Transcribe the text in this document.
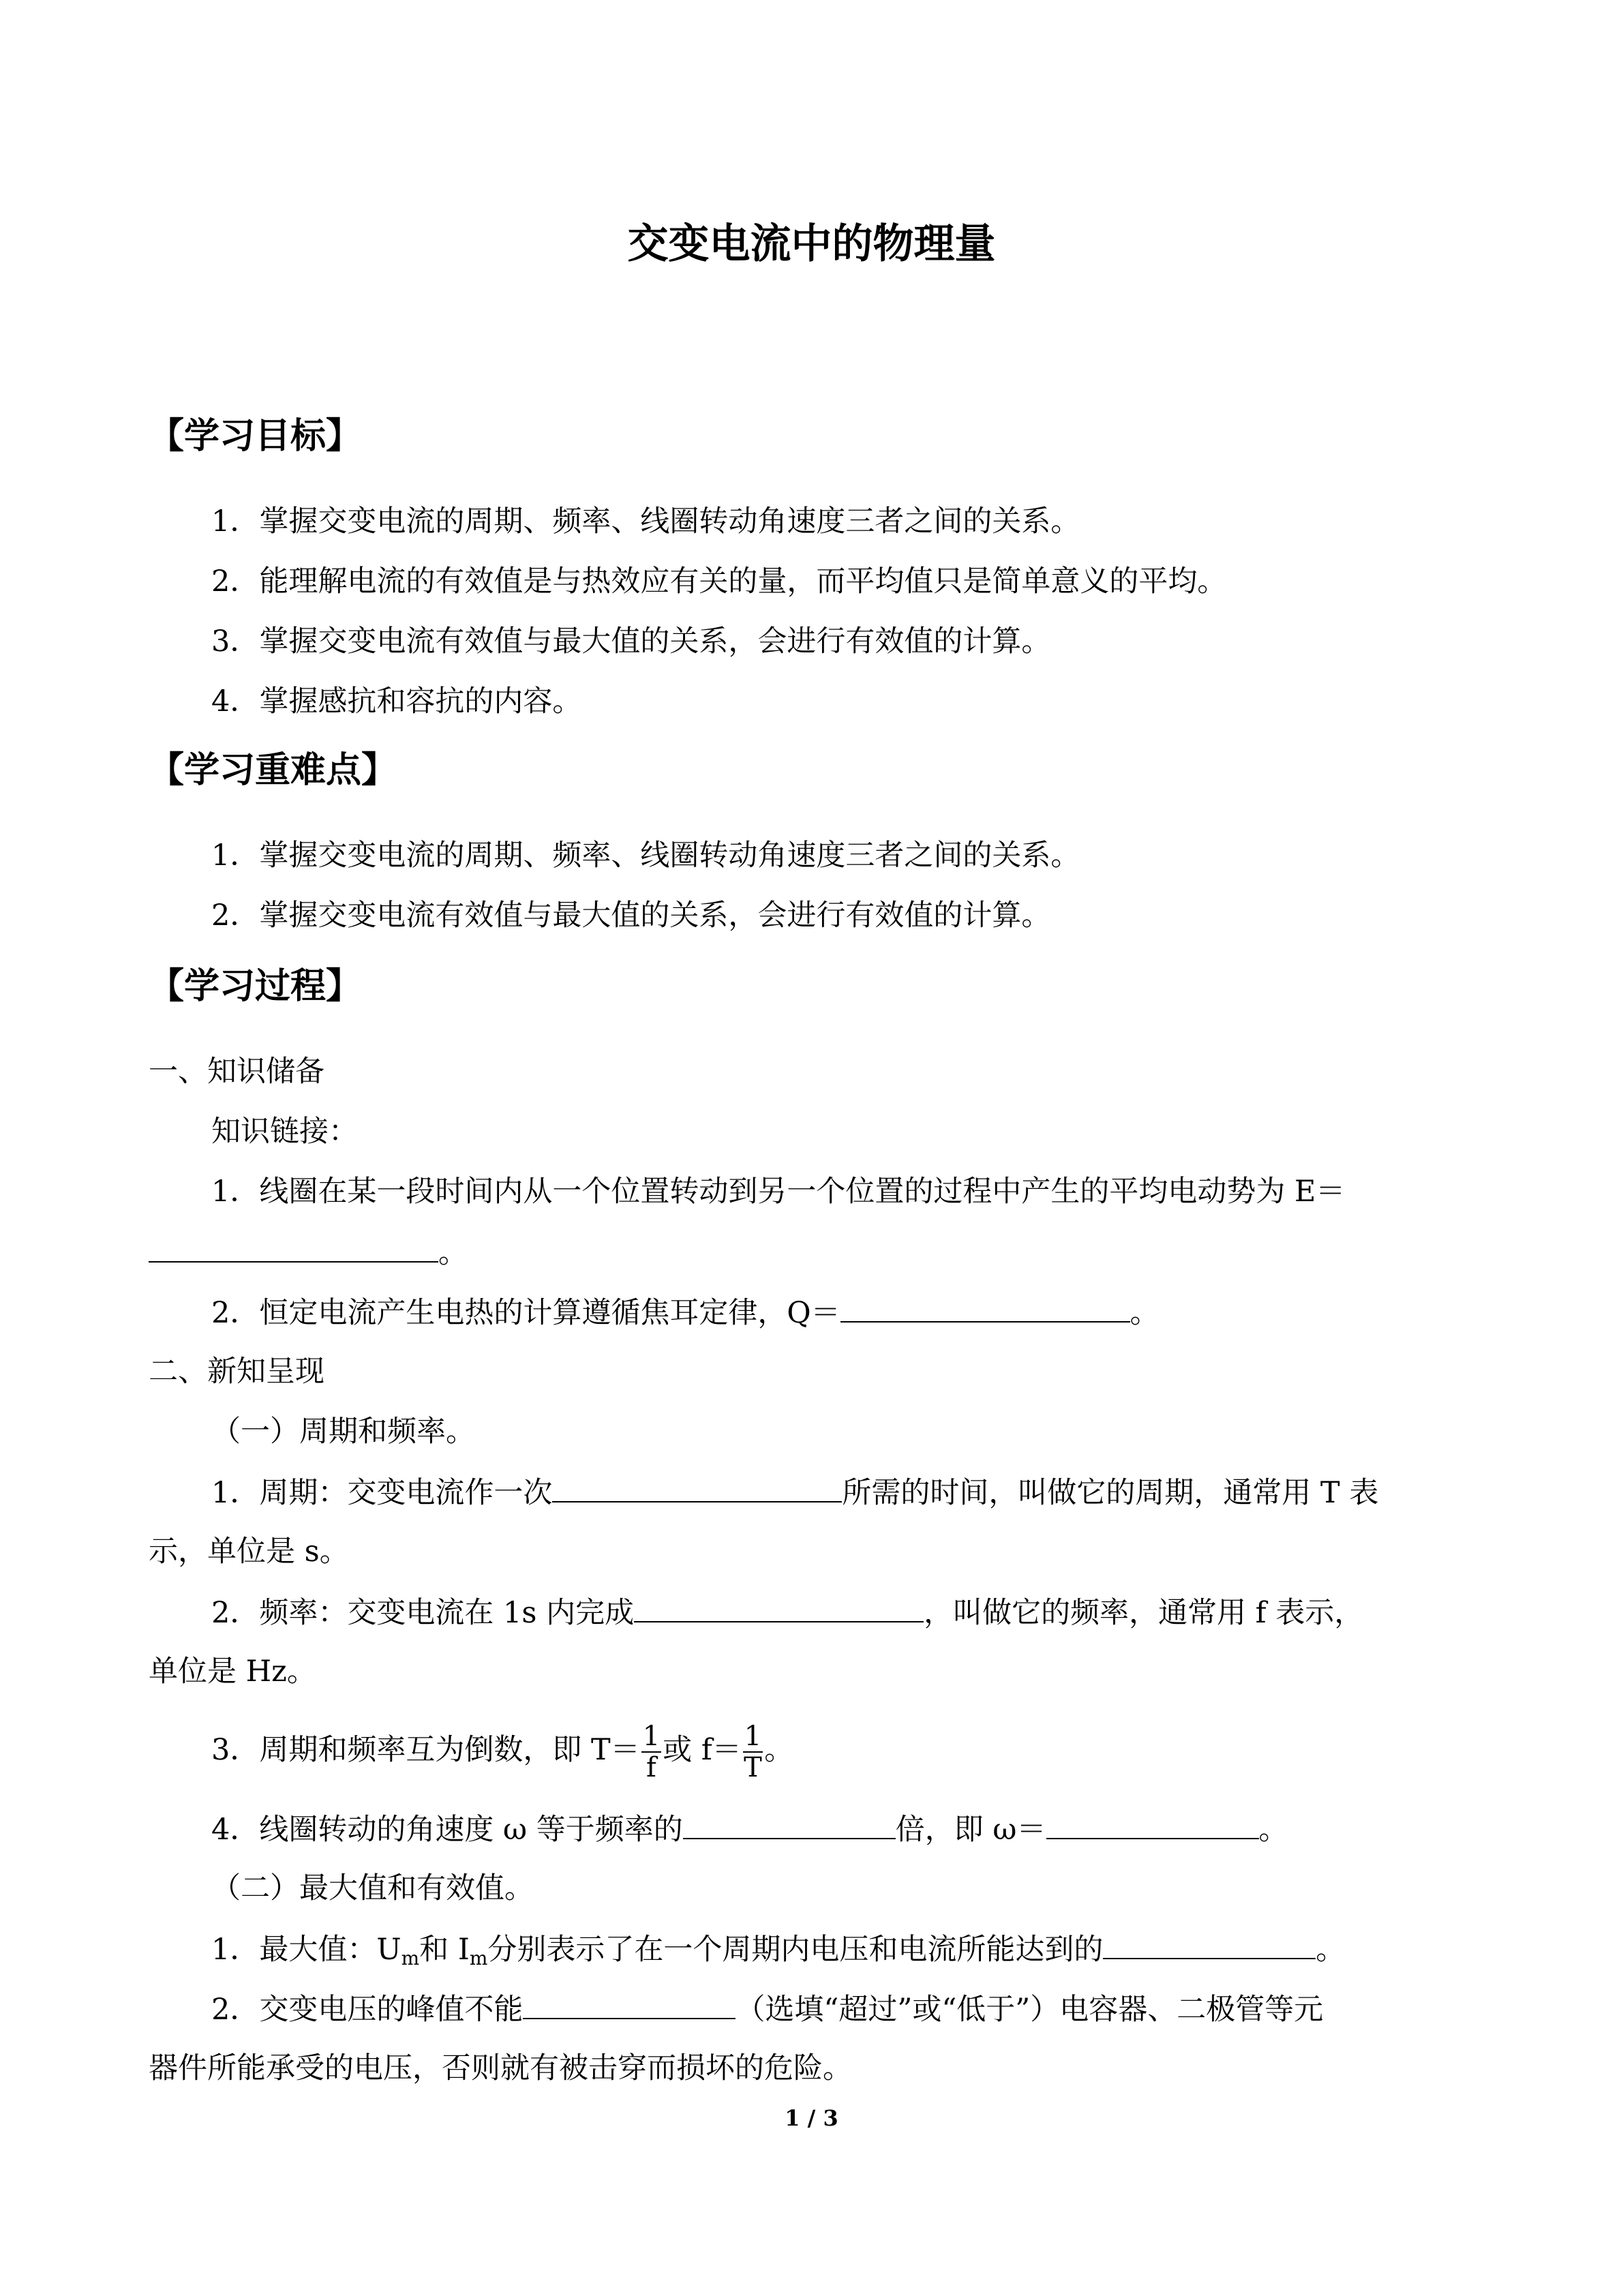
交变电流中的物理量
【学习目标】
1．掌握交变电流的周期、频率、线圈转动角速度三者之间的关系。
2．能理解电流的有效值是与热效应有关的量，而平均值只是简单意义的平均。
3．掌握交变电流有效值与最大值的关系，会进行有效值的计算。
4．掌握感抗和容抗的内容。
【学习重难点】
1．掌握交变电流的周期、频率、线圈转动角速度三者之间的关系。
2．掌握交变电流有效值与最大值的关系，会进行有效值的计算。
【学习过程】
一、知识储备
知识链接：
1．线圈在某一段时间内从一个位置转动到另一个位置的过程中产生的平均电动势为 E＝
。
2．恒定电流产生电热的计算遵循焦耳定律，Q＝	。
二、新知呈现
（一）周期和频率。
1．周期：交变电流作一次	所需的时间，叫做它的周期，通常用 T 表
示，单位是 s。
2．频率：交变电流在 1s 内完成	，叫做它的频率，通常用 f 表示，
单位是 Hz。
3．周期和频率互为倒数，即 $T= \frac{1}{f}$ 或 $f= \frac{1}{T}$ 。
4．线圈转动的角速度 ω 等于频率的	倍，即 ω＝	。
（二）最大值和有效值。
1．最大值：$U_m$和 $I_m$分别表示了在一个周期内电压和电流所能达到的	。
2．交变电压的峰值不能	（选填“超过”或“低于”）电容器、二极管等元
器件所能承受的电压，否则就有被击穿而损坏的危险。
1 / 3
